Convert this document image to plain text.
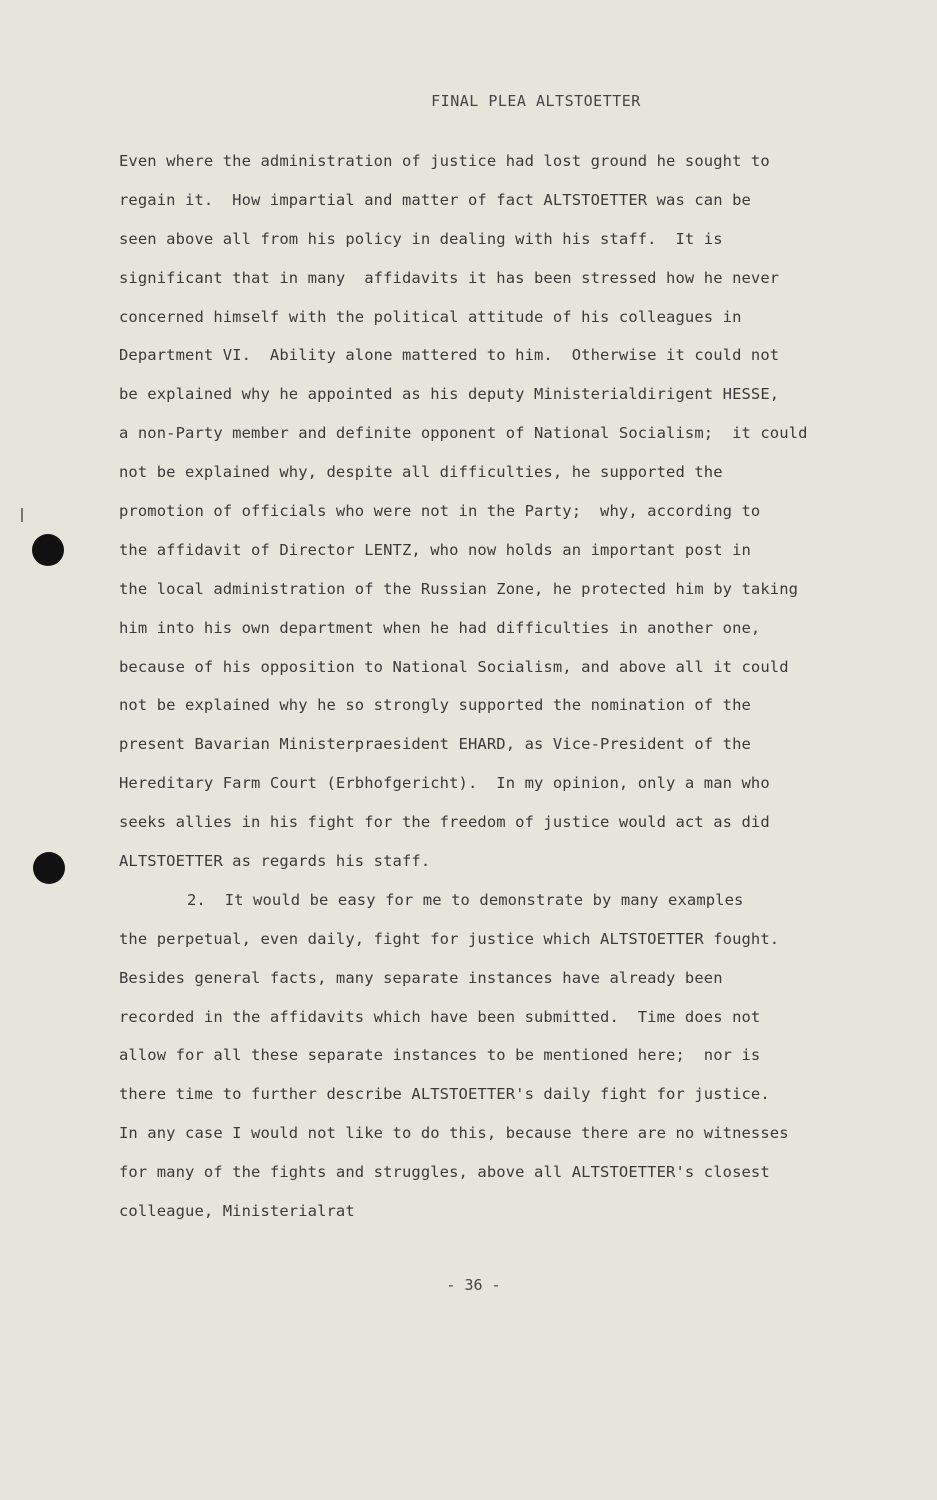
FINAL PLEA ALTSTOETTER
Even where the administration of justice had lost ground he sought to
regain it.  How impartial and matter of fact ALTSTOETTER was can be
seen above all from his policy in dealing with his staff.  It is
significant that in many  affidavits it has been stressed how he never
concerned himself with the political attitude of his colleagues in
Department VI.  Ability alone mattered to him.  Otherwise it could not
be explained why he appointed as his deputy Ministerialdirigent HESSE,
a non-Party member and definite opponent of National Socialism;  it could
not be explained why, despite all difficulties, he supported the
promotion of officials who were not in the Party;  why, according to
the affidavit of Director LENTZ, who now holds an important post in
the local administration of the Russian Zone, he protected him by taking
him into his own department when he had difficulties in another one,
because of his opposition to National Socialism, and above all it could
not be explained why he so strongly supported the nomination of the
present Bavarian Ministerpraesident EHARD, as Vice-President of the
Hereditary Farm Court (Erbhofgericht).  In my opinion, only a man who
seeks allies in his fight for the freedom of justice would act as did
ALTSTOETTER as regards his staff.
2.  It would be easy for me to demonstrate by many examples
the perpetual, even daily, fight for justice which ALTSTOETTER fought.
Besides general facts, many separate instances have already been
recorded in the affidavits which have been submitted.  Time does not
allow for all these separate instances to be mentioned here;  nor is
there time to further describe ALTSTOETTER's daily fight for justice.
In any case I would not like to do this, because there are no witnesses
for many of the fights and struggles, above all ALTSTOETTER's closest
colleague, Ministerialrat
- 36 -
